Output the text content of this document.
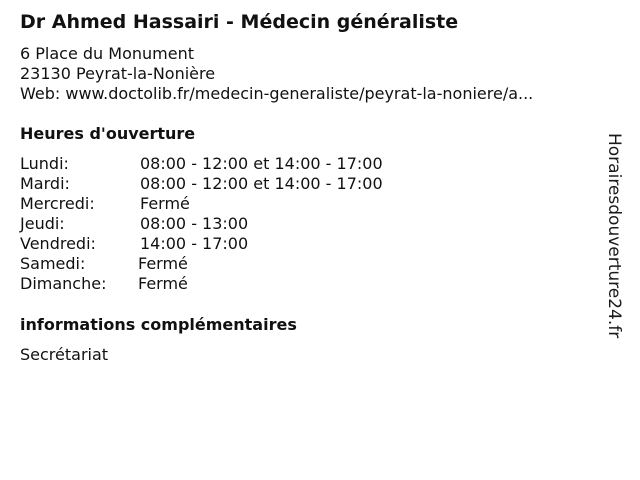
Dr Ahmed Hassairi - Médecin généraliste
6 Place du Monument
23130 Peyrat-la-Nonière
Web: www.doctolib.fr/medecin-generaliste/peyrat-la-noniere/a...
Heures d'ouverture
Lundi:	08:00 - 12:00 et 14:00 - 17:00
Mardi:	08:00 - 12:00 et 14:00 - 17:00
Mercredi:	Fermé
Jeudi:	08:00 - 13:00
Vendredi:	14:00 - 17:00
Samedi:	Fermé
Dimanche: Fermé
informations complémentaires
Secrétariat
Horairesdouverture24.fr
